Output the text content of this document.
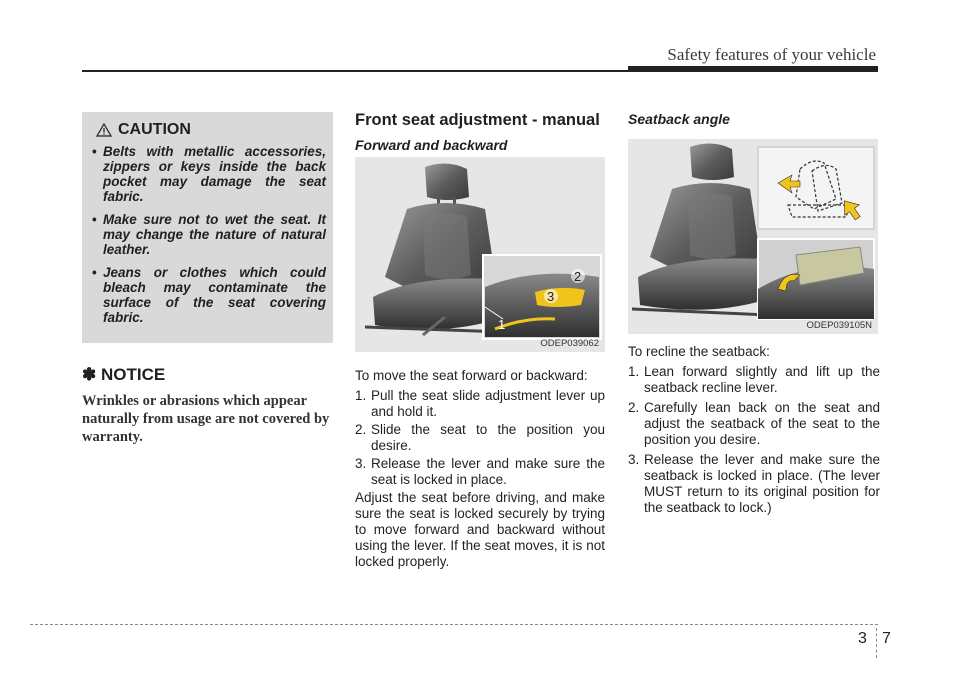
Safety features of your vehicle
CAUTION
• Belts with metallic accessories, zippers or keys inside the back pocket may damage the seat fabric.
• Make sure not to wet the seat. It may change the nature of natural leather.
• Jeans or clothes which could bleach may contaminate the surface of the seat covering fabric.
✽ NOTICE
Wrinkles or abrasions which appear naturally from usage are not covered by warranty.
Front seat adjustment - manual
Forward and backward
2
3
1
ODEP039062
To move the seat forward or backward:
1. Pull the seat slide adjustment lever up and hold it.
2. Slide the seat to the position you desire.
3. Release the lever and make sure the seat is locked in place.
Adjust the seat before driving, and make sure the seat is locked securely by trying to move forward and backward without using the lever. If the seat moves, it is not locked properly.
Seatback angle
ODEP039105N
To recline the seatback:
1. Lean forward slightly and lift up the seatback recline lever.
2. Carefully lean back on the seat and adjust the seatback of the seat to the position you desire.
3. Release the lever and make sure the seatback is locked in place. (The lever MUST return to its original position for the seatback to lock.)
3 7
